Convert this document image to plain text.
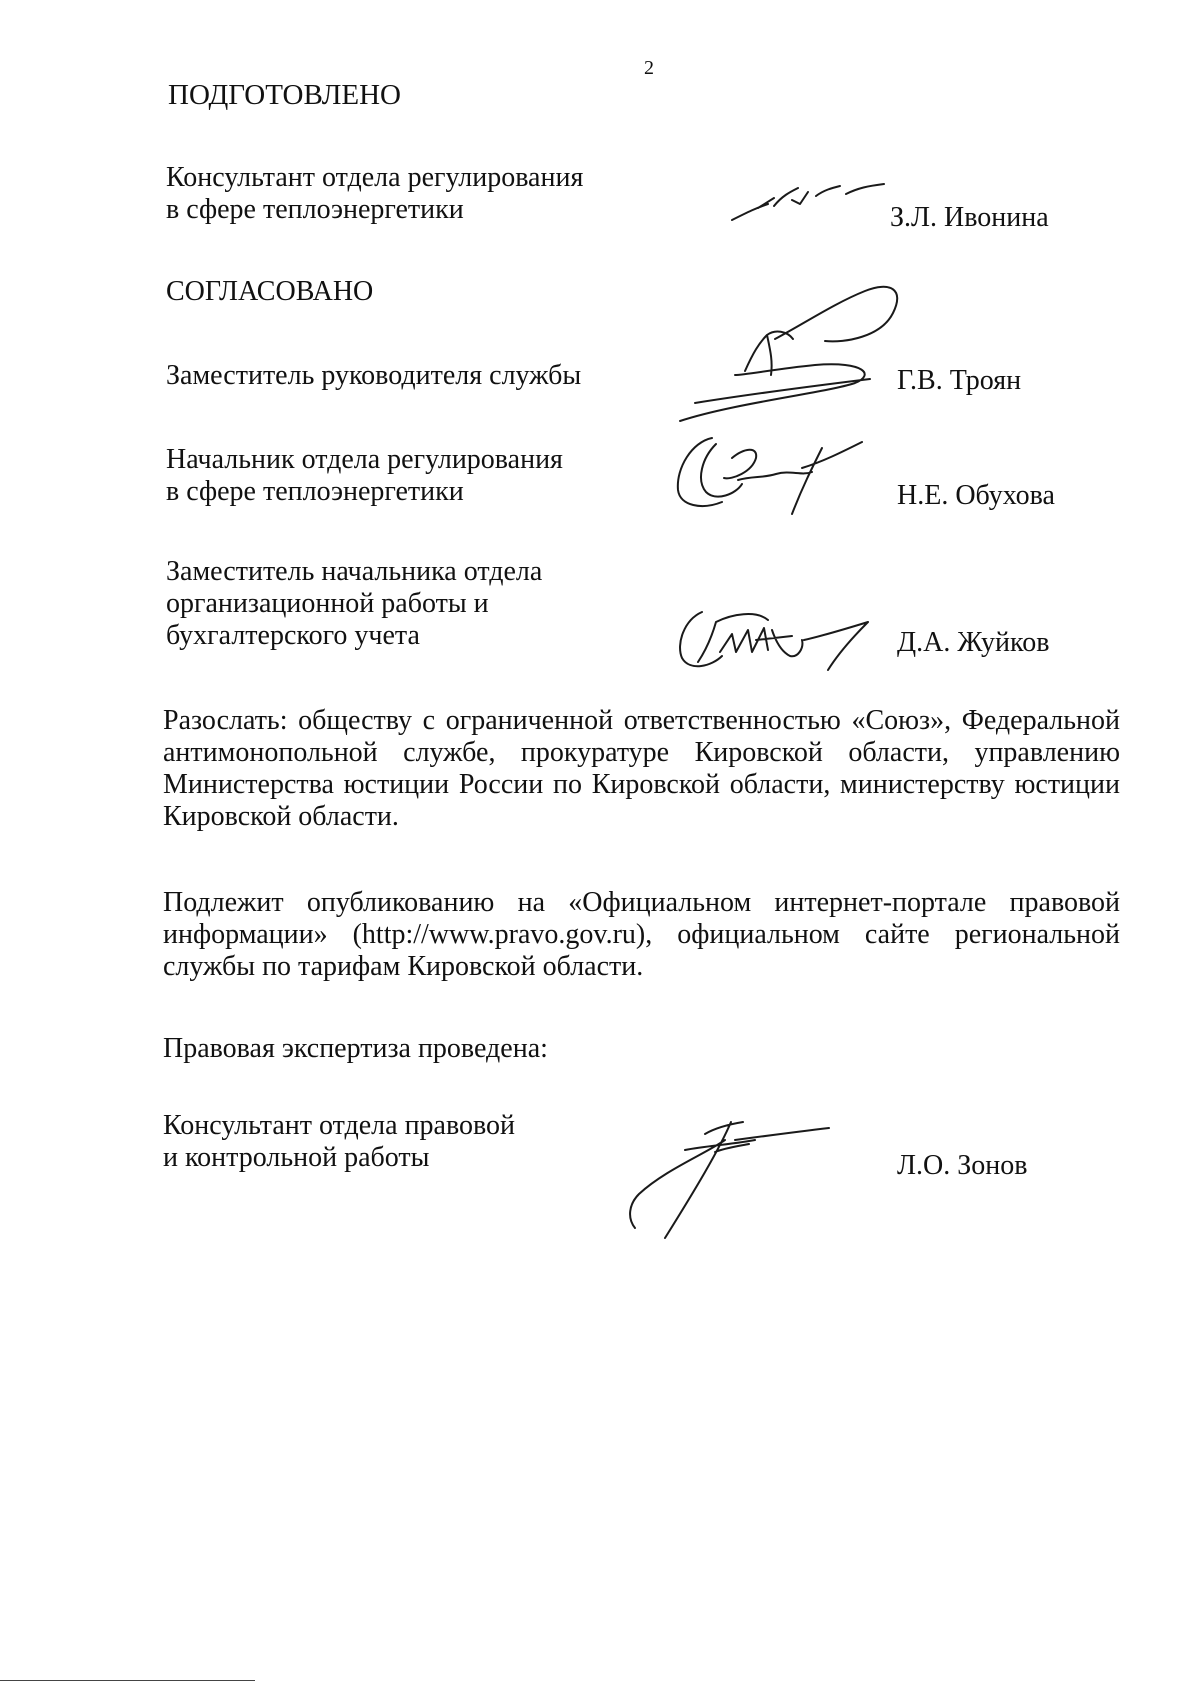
2
ПОДГОТОВЛЕНО
Консультант отдела регулирования
в сфере теплоэнергетики	З.Л. Ивонина
СОГЛАСОВАНО
Заместитель руководителя службы	Г.В. Троян
Начальник отдела регулирования
в сфере теплоэнергетики	Н.Е. Обухова
Заместитель начальника отдела
организационной работы и
бухгалтерского учета	Д.А. Жуйков
Разослать: обществу с ограниченной ответственностью «Союз», Федеральной антимонопольной службе, прокуратуре Кировской области, управлению Министерства юстиции России по Кировской области, министерству юстиции Кировской области.
Подлежит опубликованию на «Официальном интернет-портале правовой информации» (http://www.pravo.gov.ru), официальном сайте региональной службы по тарифам Кировской области.
Правовая экспертиза проведена:
Консультант отдела правовой
и контрольной работы	Л.О. Зонов
